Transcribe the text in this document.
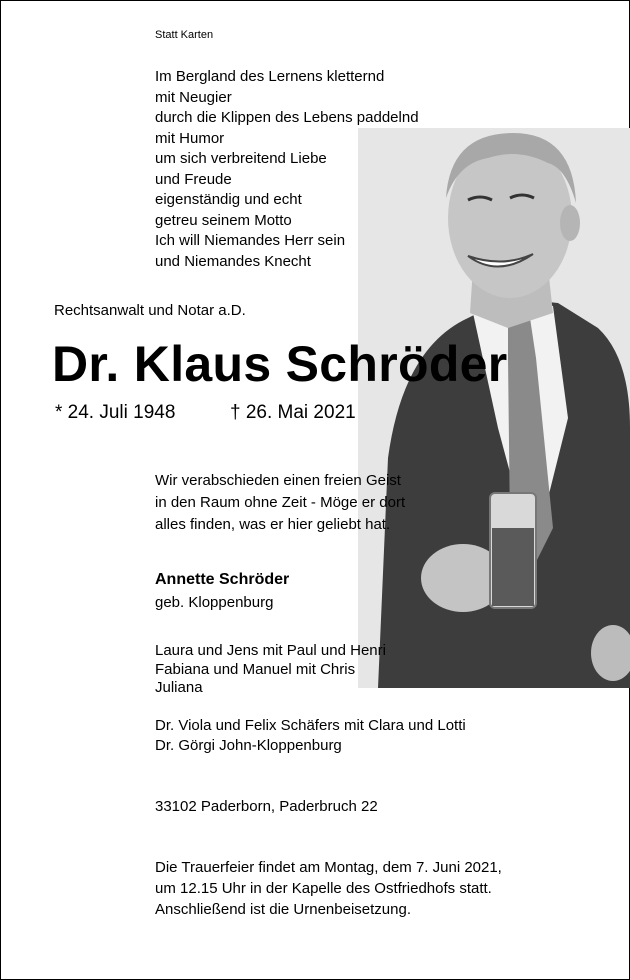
Statt Karten
Im Bergland des Lernens kletternd
mit Neugier
durch die Klippen des Lebens paddelnd
mit Humor
um sich verbreitend Liebe
und Freude
eigenständig und echt
getreu seinem Motto
Ich will Niemandes Herr sein
und Niemandes Knecht
Rechtsanwalt und Notar a.D.
Dr. Klaus Schröder
* 24. Juli 1948	† 26. Mai 2021
Wir verabschieden einen freien Geist
in den Raum ohne Zeit - Möge er dort
alles finden, was er hier geliebt hat.
Annette Schröder
geb. Kloppenburg
Laura und Jens mit Paul und Henri
Fabiana und Manuel mit Chris
Juliana
Dr. Viola und Felix Schäfers mit Clara und Lotti
Dr. Görgi John-Kloppenburg
33102 Paderborn, Paderbruch 22
Die Trauerfeier findet am Montag, dem 7. Juni 2021,
um 12.15 Uhr in der Kapelle des Ostfriedhofs statt.
Anschließend ist die Urnenbeisetzung.
